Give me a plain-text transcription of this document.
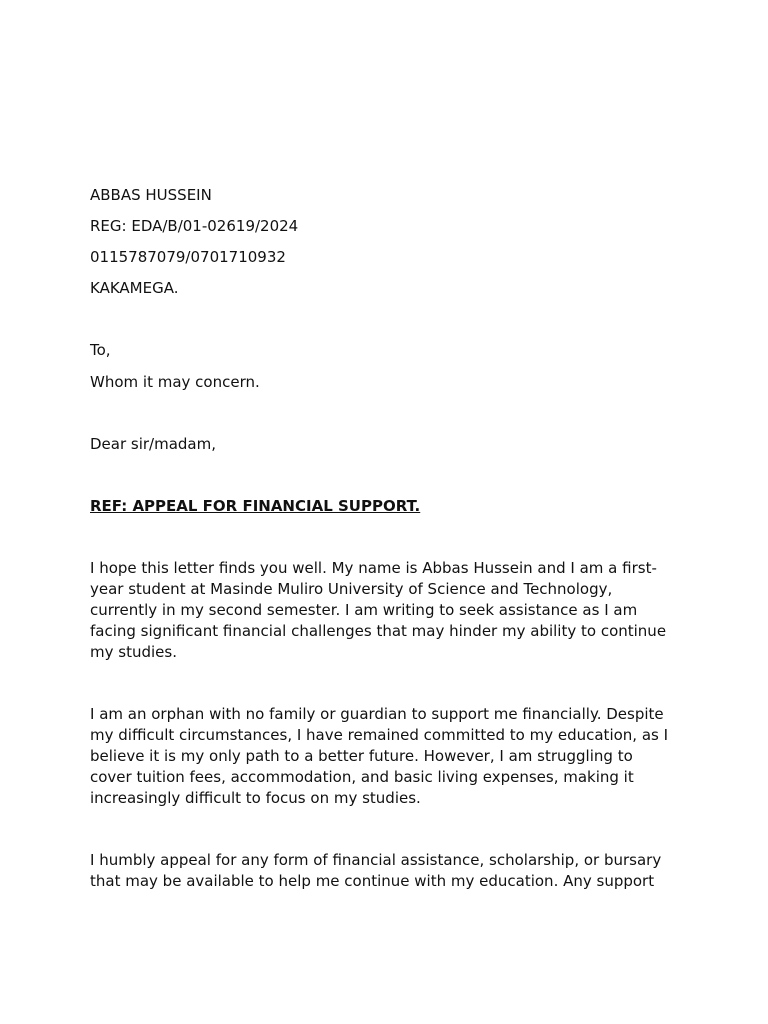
ABBAS HUSSEIN

REG: EDA/B/01-02619/2024

0115787079/0701710932

KAKAMEGA.

To,

Whom it may concern.

Dear sir/madam,

REF: APPEAL FOR FINANCIAL SUPPORT.

I hope this letter finds you well. My name is Abbas Hussein and I am a first-
year student at Masinde Muliro University of Science and Technology,
currently in my second semester. I am writing to seek assistance as I am
facing significant financial challenges that may hinder my ability to continue
my studies.
I am an orphan with no family or guardian to support me financially. Despite
my difficult circumstances, I have remained committed to my education, as I
believe it is my only path to a better future. However, I am struggling to
cover tuition fees, accommodation, and basic living expenses, making it
increasingly difficult to focus on my studies.
I humbly appeal for any form of financial assistance, scholarship, or bursary
that may be available to help me continue with my education. Any support
